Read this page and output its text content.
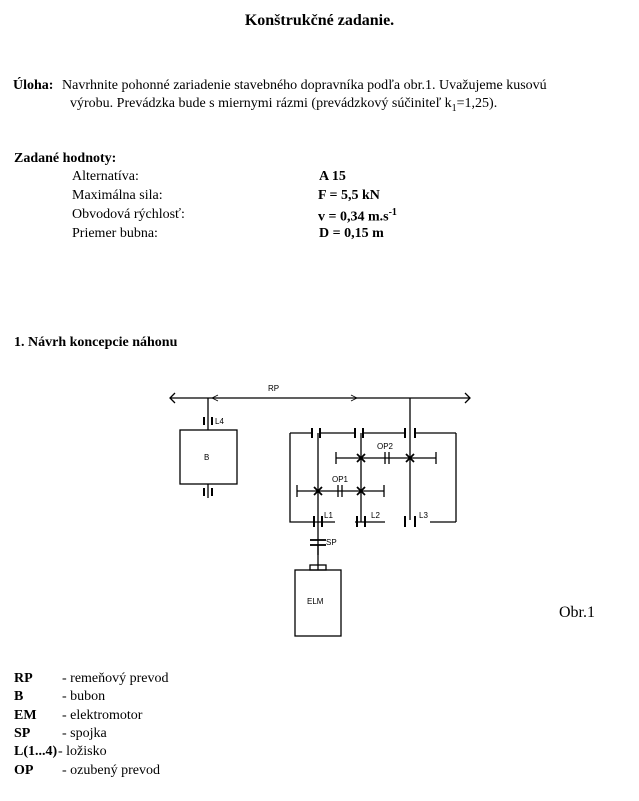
Konštrukčné zadanie.
Úloha: Navrhnite pohonné zariadenie stavebného dopravníka podľa obr.1. Uvažujeme kusovú
výrobu. Prevádzka bude s miernymi rázmi (prevádzkový súčiniteľ $k_1=1,25$).
Zadané hodnoty:
Alternatíva:	A 15
Maximálna sila:	F = 5,5 kN
Obvodová rýchlosť:	v = 0,34 $m.s^{-1}$
Priemer bubna:	D = 0,15 m
1. Návrh koncepcie náhonu
RP
L4
B
OP2
OP1
L1	L2	L3
SP
ELM
Obr.1
RP - remeňový prevod
B	- bubon
EM - elektromotor
SP - spojka
L(1...4) - ložisko
OP - ozubený prevod
